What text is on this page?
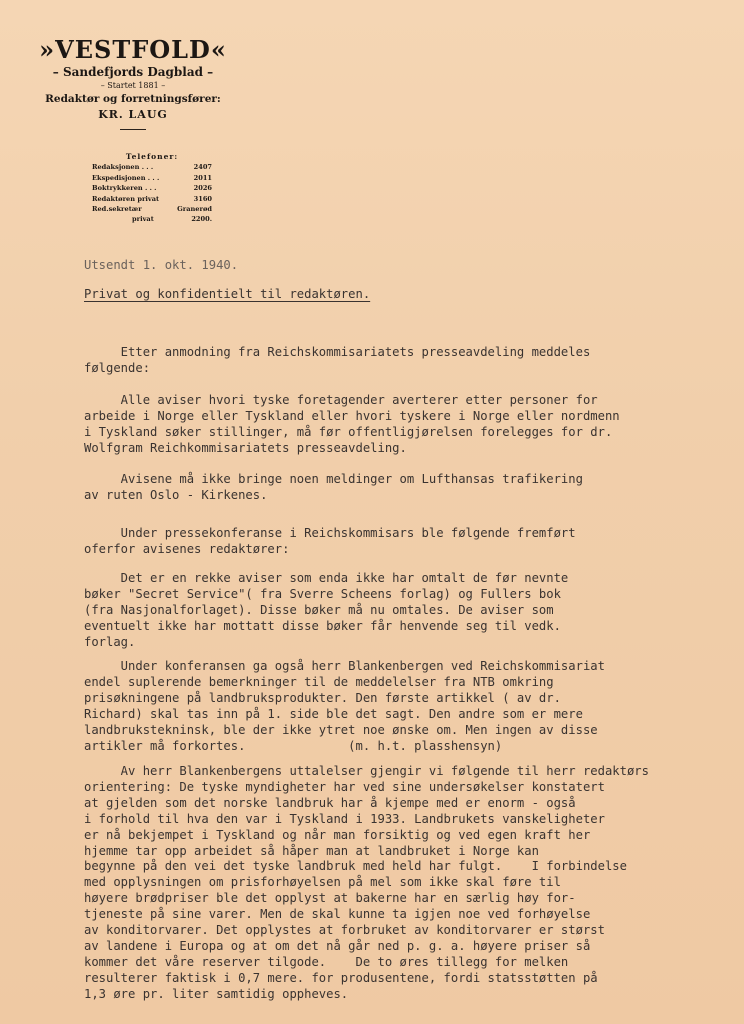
»VESTFOLD«
– Sandefjords Dagblad –
– Startet 1881 –
Redaktør og forretningsfører:
KR. LAUG
Telefoner:
Redaksjonen . . .	2407
Ekspedisjonen . . .	2011
Boktrykkeren . . .	2026
Redaktøren privat	3160
Red.sekretær	Granerød
privat	2200.
Utsendt 1. okt. 1940.
Privat og konfidentielt til redaktøren.
Etter anmodning fra Reichskommisariatets presseavdeling meddeles
følgende:
Alle aviser hvori tyske foretagender averterer etter personer for
arbeide i Norge eller Tyskland eller hvori tyskere i Norge eller nordmenn
i Tyskland søker stillinger, må før offentligjørelsen forelegges for dr.
Wolfgram Reichkommisariatets presseavdeling.
Avisene må ikke bringe noen meldinger om Lufthansas trafikering
av ruten Oslo - Kirkenes.
Under pressekonferanse i Reichskommisars ble følgende fremført
oferfor avisenes redaktører:
Det er en rekke aviser som enda ikke har omtalt de før nevnte
bøker "Secret Service"( fra Sverre Scheens forlag) og Fullers bok
(fra Nasjonalforlaget). Disse bøker må nu omtales. De aviser som
eventuelt ikke har mottatt disse bøker får henvende seg til vedk.
forlag.
Under konferansen ga også herr Blankenbergen ved Reichskommisariat
endel suplerende bemerkninger til de meddelelser fra NTB omkring
prisøkningene på landbruksprodukter. Den første artikkel ( av dr.
Richard) skal tas inn på 1. side ble det sagt. Den andre som er mere
landbrukstekninsk, ble der ikke ytret noe ønske om. Men ingen av disse
artikler må forkortes.              (m. h.t. plasshensyn)
Av herr Blankenbergens uttalelser gjengir vi følgende til herr redaktørs
orientering: De tyske myndigheter har ved sine undersøkelser konstatert
at gjelden som det norske landbruk har å kjempe med er enorm - også
i forhold til hva den var i Tyskland i 1933. Landbrukets vanskeligheter
er nå bekjempet i Tyskland og når man forsiktig og ved egen kraft her
hjemme tar opp arbeidet så håper man at landbruket i Norge kan
begynne på den vei det tyske landbruk med held har fulgt.    I forbindelse
med opplysningen om prisforhøyelsen på mel som ikke skal føre til
høyere brødpriser ble det opplyst at bakerne har en særlig høy for-
tjeneste på sine varer. Men de skal kunne ta igjen noe ved forhøyelse
av konditorvarer. Det opplystes at forbruket av konditorvarer er størst
av landene i Europa og at om det nå går ned p. g. a. høyere priser så
kommer det våre reserver tilgode.    De to øres tillegg for melken
resulterer faktisk i 0,7 mere. for produsentene, fordi statsstøtten på
1,3 øre pr. liter samtidig oppheves.
